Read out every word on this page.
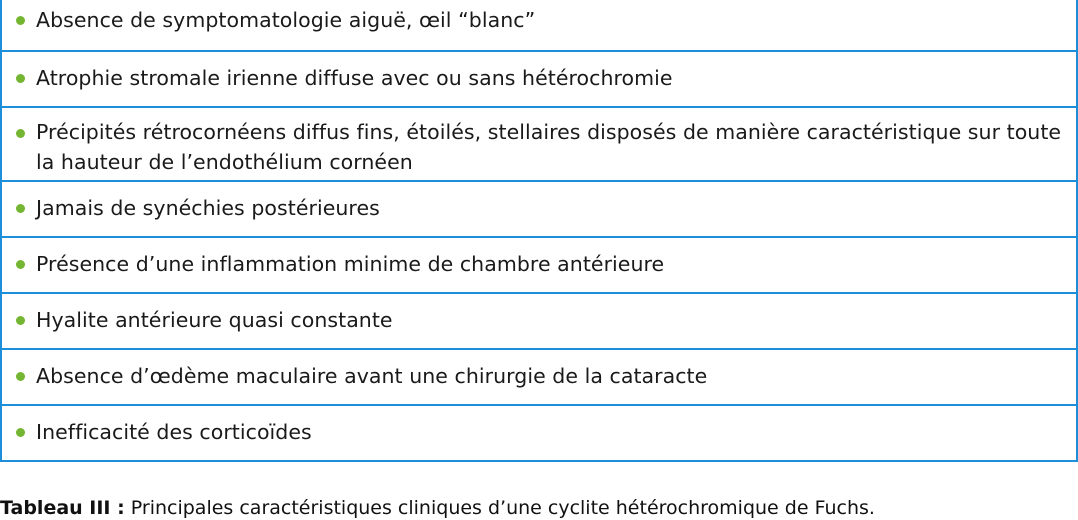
Absence de symptomatologie aiguë, œil “blanc”
Atrophie stromale irienne diffuse avec ou sans hétérochromie
Précipités rétrocornéens diffus fins, étoilés, stellaires disposés de manière caractéristique sur toute la hauteur de l’endothélium cornéen
Jamais de synéchies postérieures
Présence d’une inflammation minime de chambre antérieure
Hyalite antérieure quasi constante
Absence d’œdème maculaire avant une chirurgie de la cataracte
Inefficacité des corticoïdes
Tableau III : Principales caractéristiques cliniques d’une cyclite hétérochromique de Fuchs.
